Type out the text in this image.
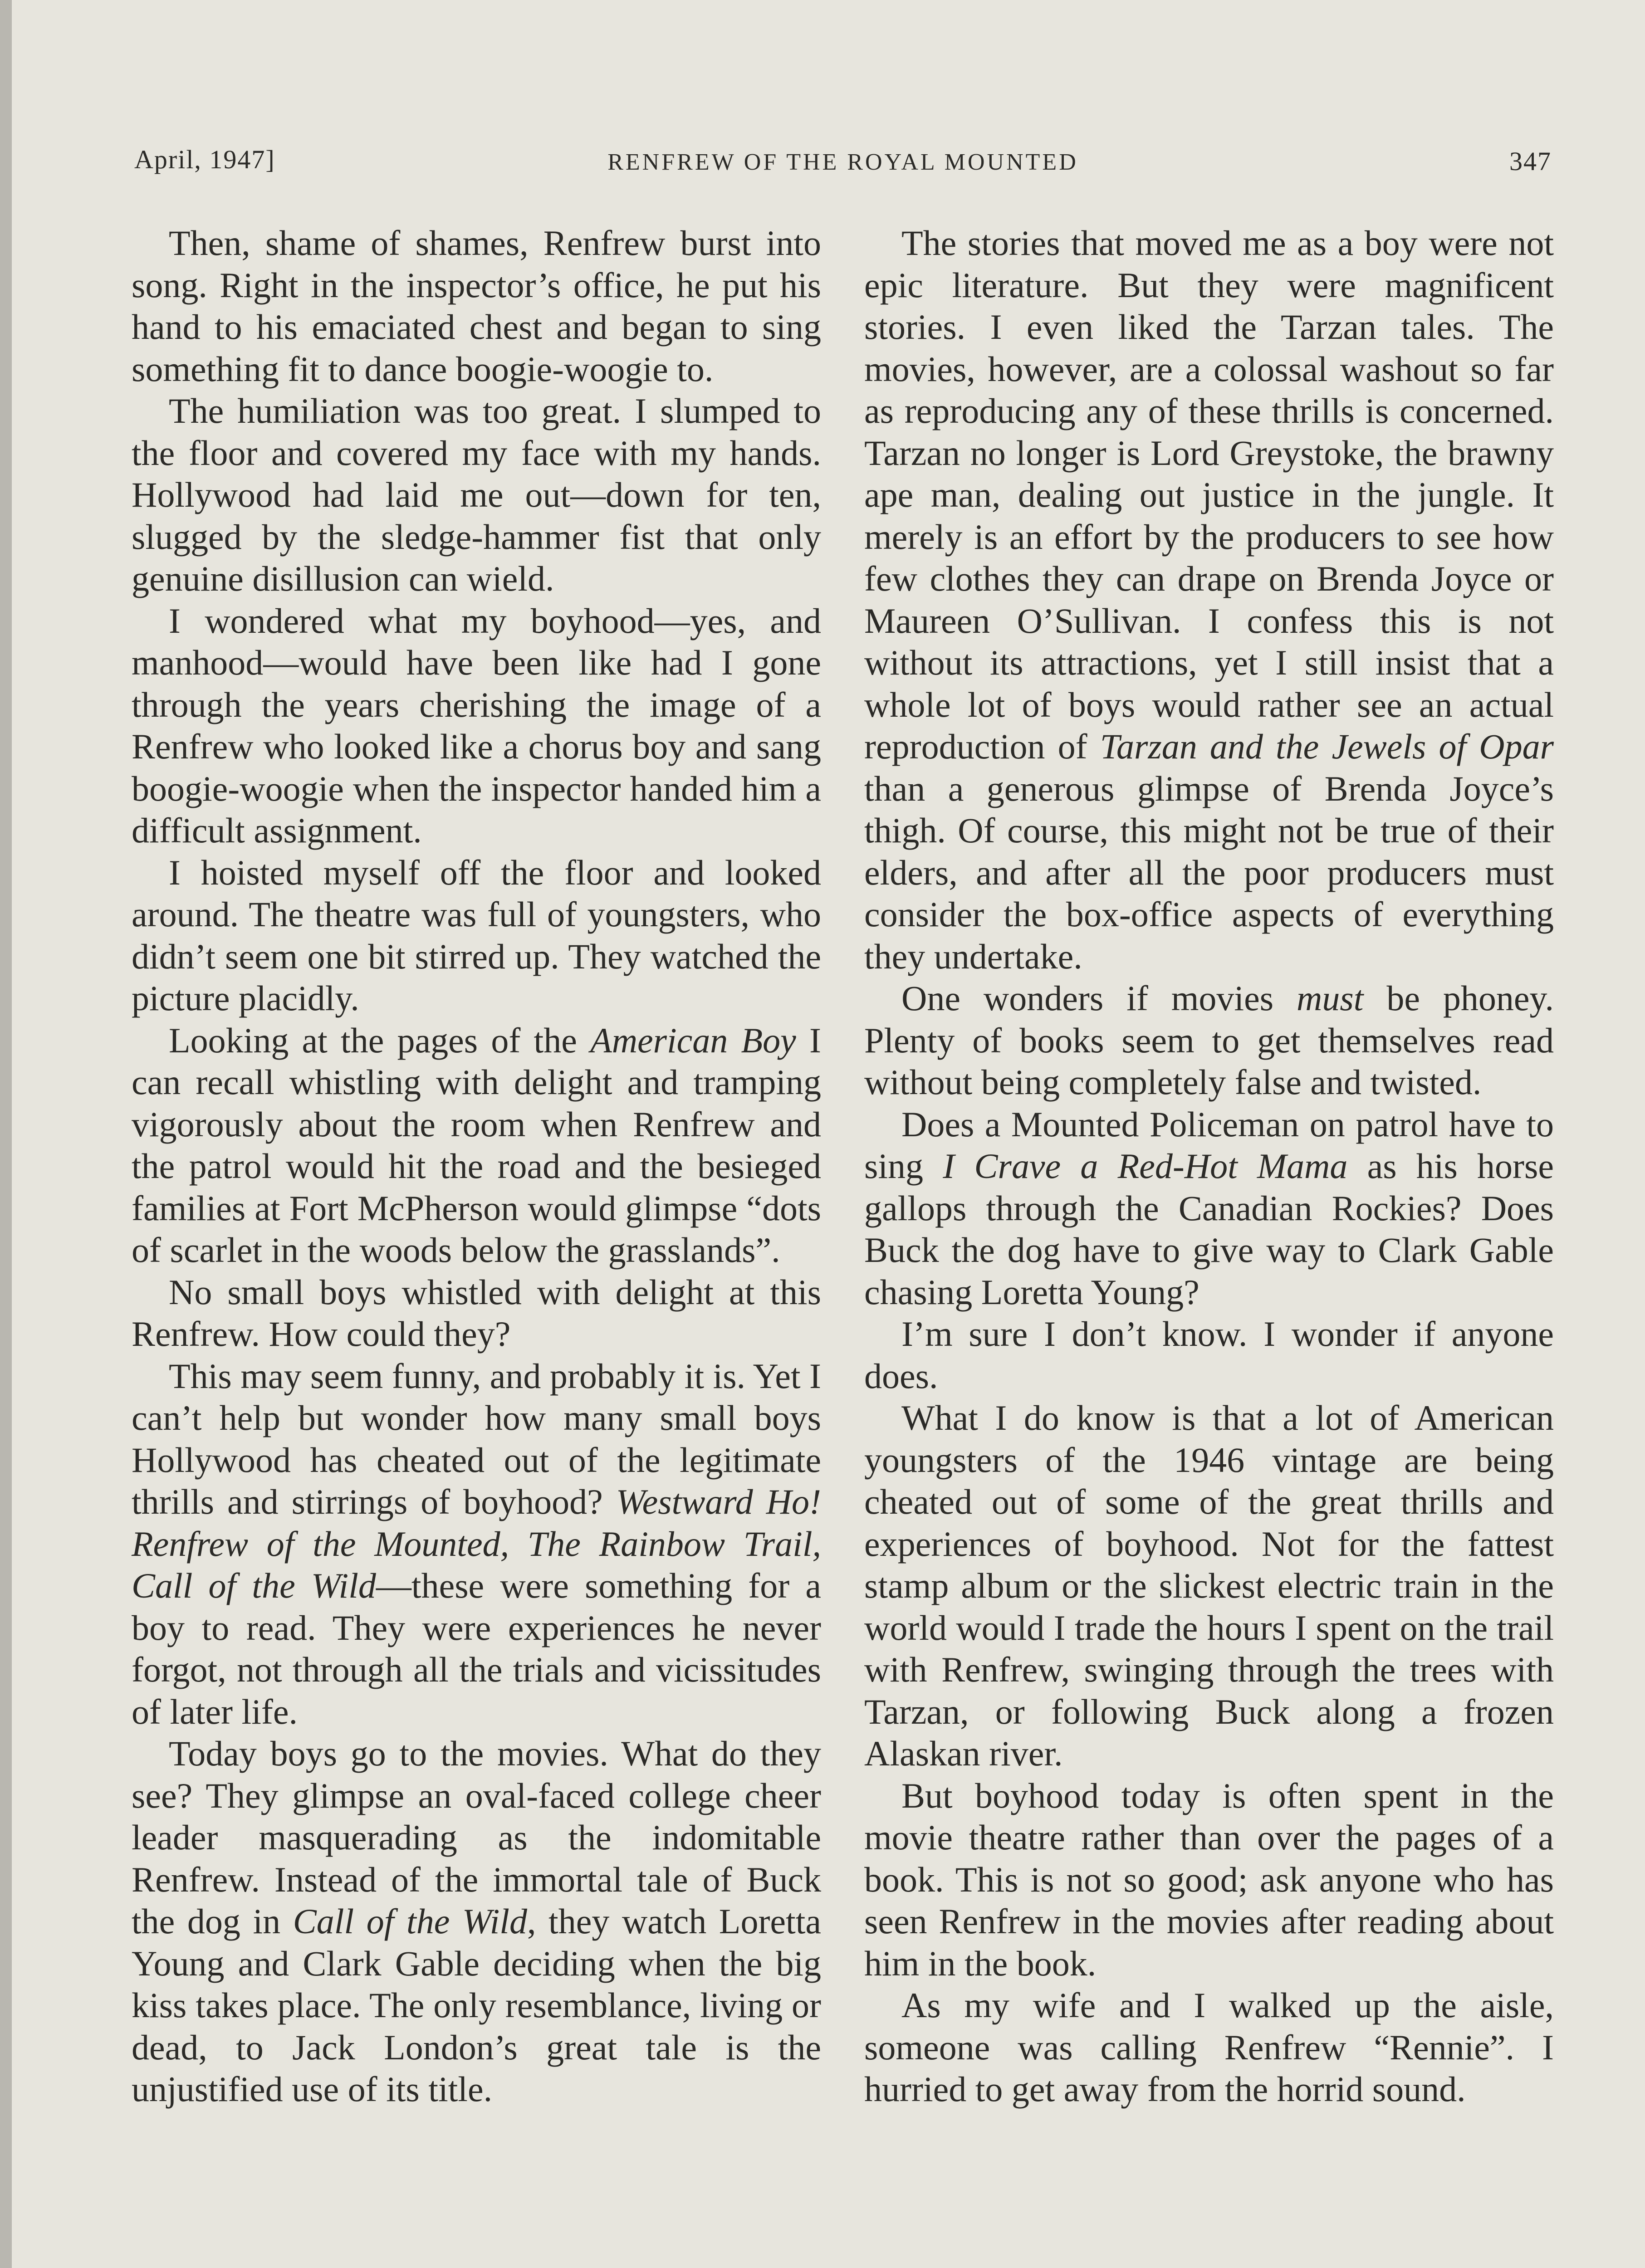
April, 1947]	RENFREW OF THE ROYAL MOUNTED	347

Then, shame of shames, Renfrew burst into song. Right in the inspector’s office, he put his hand to his emaciated chest and began to sing something fit to dance boogie-woogie to.

The humiliation was too great. I slumped to the floor and covered my face with my hands. Hollywood had laid me out—down for ten, slugged by the sledge-hammer fist that only genuine disillusion can wield.

I wondered what my boyhood—yes, and manhood—would have been like had I gone through the years cherishing the image of a Renfrew who looked like a chorus boy and sang boogie-woogie when the inspector handed him a difficult assignment.

I hoisted myself off the floor and looked around. The theatre was full of youngsters, who didn’t seem one bit stirred up. They watched the picture placidly.

Looking at the pages of the American Boy I can recall whistling with delight and tramping vigorously about the room when Renfrew and the patrol would hit the road and the besieged families at Fort McPherson would glimpse “dots of scarlet in the woods below the grasslands”.

No small boys whistled with delight at this Renfrew. How could they?

This may seem funny, and probably it is. Yet I can’t help but wonder how many small boys Hollywood has cheated out of the legitimate thrills and stirrings of boyhood? Westward Ho! Renfrew of the Mounted, The Rainbow Trail, Call of the Wild—these were something for a boy to read. They were experiences he never forgot, not through all the trials and vicissitudes of later life.

Today boys go to the movies. What do they see? They glimpse an oval-faced college cheer leader masquerading as the indomitable Renfrew. Instead of the immortal tale of Buck the dog in Call of the Wild, they watch Loretta Young and Clark Gable deciding when the big kiss takes place. The only resemblance, living or dead, to Jack London’s great tale is the unjustified use of its title.

The stories that moved me as a boy were not epic literature. But they were magnificent stories. I even liked the Tarzan tales. The movies, however, are a colossal washout so far as reproducing any of these thrills is concerned. Tarzan no longer is Lord Greystoke, the brawny ape man, dealing out justice in the jungle. It merely is an effort by the producers to see how few clothes they can drape on Brenda Joyce or Maureen O’Sullivan. I confess this is not without its attractions, yet I still insist that a whole lot of boys would rather see an actual reproduction of Tarzan and the Jewels of Opar than a generous glimpse of Brenda Joyce’s thigh. Of course, this might not be true of their elders, and after all the poor producers must consider the box-office aspects of everything they undertake.

One wonders if movies must be phoney. Plenty of books seem to get themselves read without being completely false and twisted.

Does a Mounted Policeman on patrol have to sing I Crave a Red-Hot Mama as his horse gallops through the Canadian Rockies? Does Buck the dog have to give way to Clark Gable chasing Loretta Young?

I’m sure I don’t know. I wonder if anyone does.

What I do know is that a lot of American youngsters of the 1946 vintage are being cheated out of some of the great thrills and experiences of boyhood. Not for the fattest stamp album or the slickest electric train in the world would I trade the hours I spent on the trail with Renfrew, swinging through the trees with Tarzan, or following Buck along a frozen Alaskan river.

But boyhood today is often spent in the movie theatre rather than over the pages of a book. This is not so good; ask anyone who has seen Renfrew in the movies after reading about him in the book.

As my wife and I walked up the aisle, someone was calling Renfrew “Rennie”. I hurried to get away from the horrid sound.
